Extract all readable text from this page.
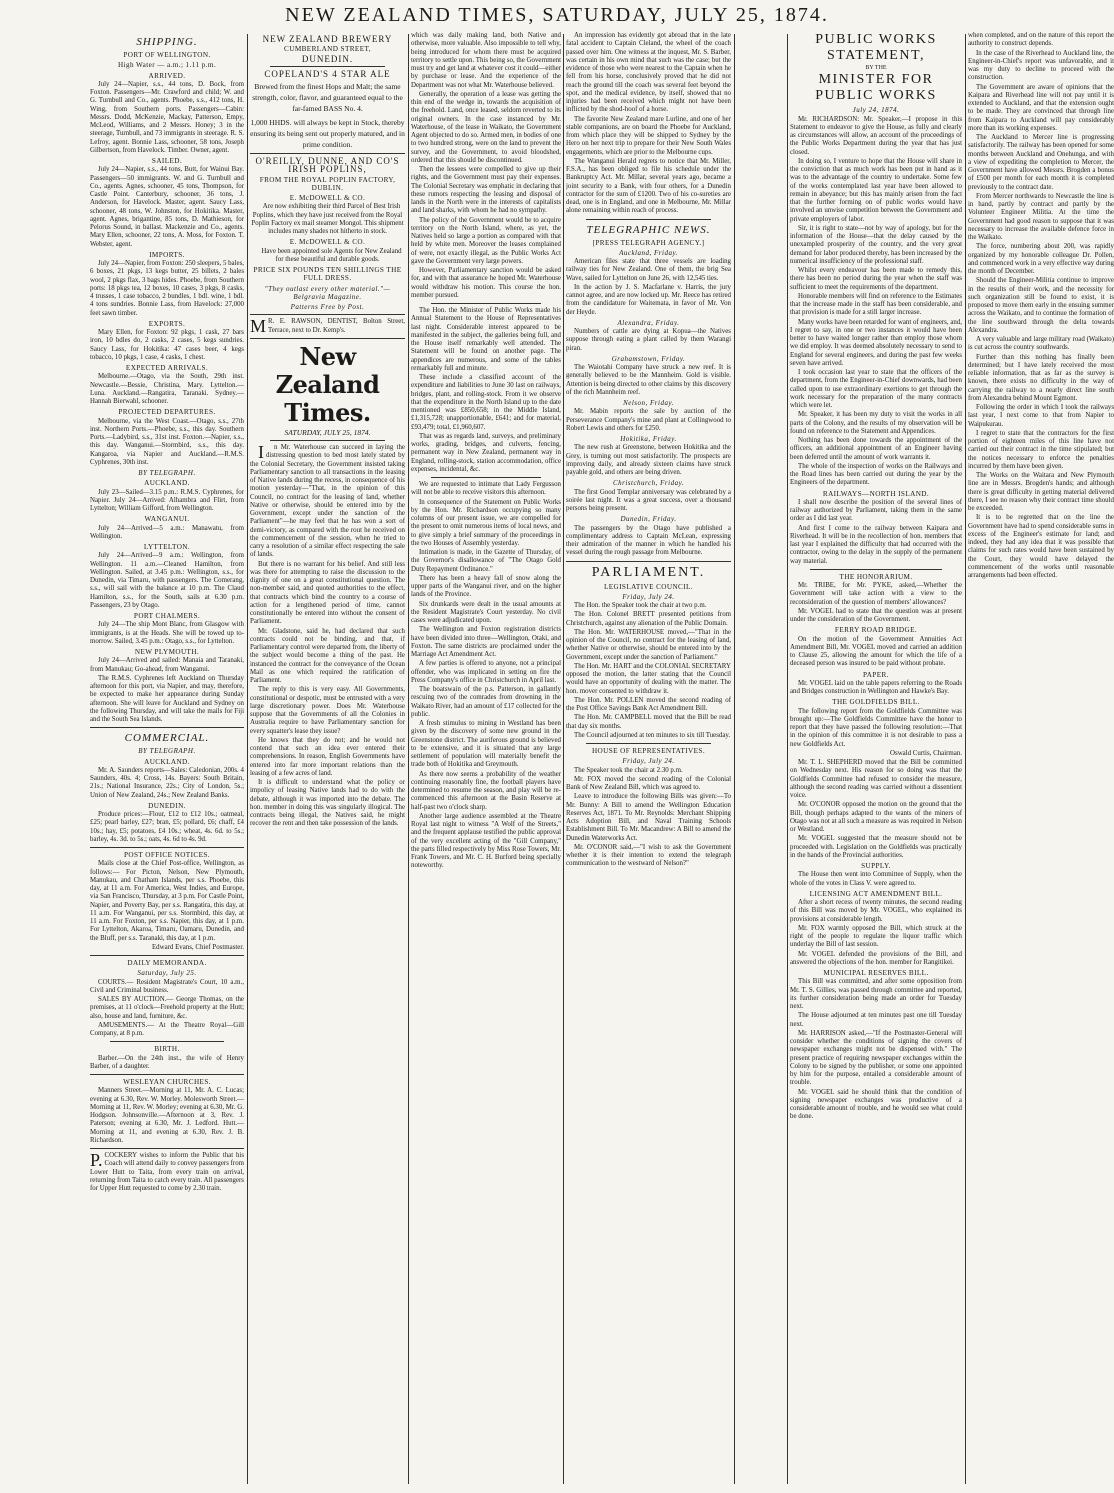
NEW ZEALAND TIMES, SATURDAY, JULY 25, 1874.
SHIPPING.
PORT OF WELLINGTON.
High Water — a.m.; 1.11 p.m.
ARRIVED.

July 24—Napier, s.s., 44 tons, D. Bock, from Foxton. Passengers—Mr. Crawford and child; W. and G. Turnbull and Co., agents. Phoebe, s.s., 412 tons, H. Wing, from Southern ports. Passengers—Cabin: Messrs. Dodd, McKenzie, Mackay, Patterson, Empy, McLeod, Williams, and 2 Messrs. Honey; 3 in the steerage, Turnbull, and 73 immigrants in steerage. R. S. Lefroy, agent. Bonnie Lass, schooner, 58 tons, Joseph Gilbertson, from Havelock. Timber. Owner, agent.

SAILED.

July 24—Napier, s.s., 44 tons, Butt, for Wainui Bay. Passengers—50 immigrants. W. and G. Turnbull and Co., agents. Agnes, schooner, 45 tons, Thompson, for Castle Point. Canterbury, schooner, 36 tons, J. Anderson, for Havelock. Master, agent. Saucy Lass, schooner, 48 tons, W. Johnston, for Hokitika. Master, agent. Agnes, brigantine, 85 tons, D. Mathieson, for Pelorus Sound, in ballast. Mackenzie and Co., agents. Mary Ellen, schooner, 22 tons, A. Moss, for Foxton. T. Webster, agent.

IMPORTS.

July 24—Napier, from Foxton: 250 sleepers, 5 bales, 6 boxes, 21 pkgs, 13 kegs butter, 25 billets, 2 bales wool, 2 pkgs flax, 3 bags hides. Phoebe, from Southern ports: 18 pkgs tea, 12 boxes, 10 cases, 3 pkgs, 8 casks, 4 trusses, 1 case tobacco, 2 bundles, 1 bdl. wine, 1 bdl. 4 tons sundries. Bonnie Lass, from Havelock: 27,000 feet sawn timber.

EXPORTS.

Mary Ellen, for Foxton: 92 pkgs, 1 cask, 27 bars iron, 10 bdles do, 2 casks, 2 cases, 5 kegs sundries. Saucy Lass, for Hokitika: 47 cases beer, 4 kegs tobacco, 10 pkgs, 1 case, 4 casks, 1 chest.

EXPECTED ARRIVALS.

Melbourne.—Otago, via the South, 29th inst. Newcastle.—Bessie, Christina, Mary. Lyttelton.—Luna. Auckland.—Rangatira, Taranaki. Sydney.—Hannah Bierwahl, schooner.

PROJECTED DEPARTURES.

Melbourne, via the West Coast.—Otago, s.s., 27th inst. Northern Ports.—Phoebe, s.s., this day. Southern Ports.—Ladybird, s.s., 31st inst. Foxton.—Napier, s.s., this day. Wanganui.—Stormbird, s.s., this day. Kangaroa, via Napier and Auckland.—R.M.S. Cyphrenes, 30th inst.

BY TELEGRAPH.
AUCKLAND.

July 23—Sailed—3.15 p.m.: R.M.S. Cyphrenes, for Napier. July 24—Arrived: Alhambra and Flirt, from Lyttelton; William Gifford, from Wellington.

WANGANUI.

July 24—Arrived—5 a.m.: Manawatu, from Wellington.

LYTTELTON.

July 24—Arrived—9 a.m.: Wellington, from Wellington. 11 a.m.—Cleaned Hamilton, from Wellington. Sailed, at 3.45 p.m.: Wellington, s.s., for Dunedin, via Timaru, with passengers. The Comerang, s.s., will sail with the balance at 10 p.m. The Claud Hamilton, s.s., for the South, sails at 6.30 p.m. Passengers, 23 by Otago.

PORT CHALMERS.

July 24—The ship Mont Blanc, from Glasgow with immigrants, is at the Heads. She will be towed up to-morrow. Sailed, 3.45 p.m.: Otago, s.s., for Lyttelton.

NEW PLYMOUTH.

July 24—Arrived and sailed: Manaia and Taranaki, from Manukau; Go-ahead, from Wanganui.

The R.M.S. Cyphrenes left Auckland on Thursday afternoon for this port, via Napier, and may, therefore, be expected to make her appearance during Sunday afternoon. She will leave for Auckland and Sydney on the following Thursday, and will take the mails for Fiji and the South Sea Islands.

COMMERCIAL.
BY TELEGRAPH.
AUCKLAND.

Mr. A. Saunders reports—Sales: Caledonian, 200s. 4 Saunders, 40s. 4; Cross, 14s. Bayers: South Britain, 21s.; National Insurance, 22s.; City of London, 5s.; Union of New Zealand, 24s.; New Zealand Banks.

DUNEDIN.

Produce prices:—Flour, £12 to £12 10s.; oatmeal, £25; pearl barley, £27; bran, £5; pollard, £6; chaff, £4 10s.; hay, £5; potatoes, £4 10s.; wheat, 4s. 6d. to 5s.; barley, 4s. 3d. to 5s.; oats, 4s. 6d to 4s. 9d.

POST OFFICE NOTICES.

Mails close at the Chief Post-office, Wellington, as follows:— For Picton, Nelson, New Plymouth, Manukau, and Chatham Islands, per s.s. Phoebe, this day, at 11 a.m. For America, West Indies, and Europe, via San Francisco, Thursday, at 3 p.m. For Castle Point, Napier, and Poverty Bay, per s.s. Rangatira, this day, at 11 a.m. For Wanganui, per s.s. Stormbird, this day, at 11 a.m. For Foxton, per s.s. Napier, this day, at 1 p.m. For Lyttelton, Akaroa, Timaru, Oamaru, Dunedin, and the Bluff, per s.s. Taranaki, this day, at 1 p.m.

Edward Evans, Chief Postmaster.

DAILY MEMORANDA.
Saturday, July 25.

COURTS.— Resident Magistrate's Court, 10 a.m., Civil and Criminal business.

SALES BY AUCTION.— George Thomas, on the premises, at 11 o'clock—Freehold property at the Hutt; also, house and land, furniture, &c.

AMUSEMENTS.— At the Theatre Royal—Gill Company, at 8 p.m.

BIRTH.

Barber.—On the 24th inst., the wife of Henry Barber, of a daughter.

WESLEYAN CHURCHES.

Manners Street.—Morning at 11, Mr. A. C. Lucas; evening at 6.30, Rev. W. Morley. Molesworth Street.—Morning at 11, Rev. W. Morley; evening at 6.30, Mr. G. Hodgson. Johnsonville.—Afternoon at 3, Rev. J. Paterson; evening at 6.30, Mr. J. Ledford. Hutt.—Morning at 11, and evening at 6.30, Rev. J. B. Richardson.

P.COCKERY wishes to inform the Public that his Coach will attend daily to convey passengers from Lower Hutt to Taita, from every train on arrival, returning from Taita to catch every train. All passengers for Upper Hutt requested to come by 2.30 train.

NEW ZEALAND BREWERY
CUMBERLAND STREET,
DUNEDIN.
COPELAND'S 4 STAR ALE

Brewed from the finest Hops and Malt; the same strength, color, flavor, and guaranteed equal to the far-famed BASS No. 4.

1,000 HHDS. will always be kept in Stock, thereby ensuring its being sent out properly matured, and in prime condition.

O'REILLY, DUNNE, AND CO'S IRISH POPLINS,
FROM THE ROYAL POPLIN FACTORY, DUBLIN.
E. McDOWELL & CO.

Are now exhibiting their third Parcel of Best Irish Poplins, which they have just received from the Royal Poplin Factory ex mail steamer Mongol. This shipment includes many shades not hitherto in stock.

E. McDOWELL & CO.

Have been appointed sole Agents for New Zealand for these beautiful and durable goods.

PRICE SIX POUNDS TEN SHILLINGS THE FULL DRESS.
"They outlast every other material."—Belgravia Magazine.
Patterns Free by Post.

MR. E. RAWSON, DENTIST, Bolton Street, Terrace, next to Dr. Kemp's.

New Zealand Times.
SATURDAY, JULY 25, 1874.

In Mr. Waterhouse can succeed in laying the distressing question to bed most lately stated by the Colonial Secretary, the Government insisted taking Parliamentary sanction to all transactions in the leasing of Native lands during the recess, in consequence of his motion yesterday—"That, in the opinion of this Council, no contract for the leasing of land, whether Native or otherwise, should be entered into by the Government, except under the sanction of the Parliament"—he may feel that he has won a sort of demi-victory, as compared with the rout he received on the commencement of the session, when he tried to carry a resolution of a similar effect respecting the sale of lands.

But there is no warrant for his belief. And still less was there for attempting to raise the discussion to the dignity of one on a great constitutional question. The non-member said, and quoted authorities to the effect, that contracts which bind the country to a course of action for a lengthened period of time, cannot constitutionally be entered into without the consent of Parliament.

Mr. Gladstone, said he, had declared that such contracts could not be binding, and that, if Parliamentary control were departed from, the liberty of the subject would become a thing of the past. He instanced the contract for the conveyance of the Ocean Mail as one which required the ratification of Parliament.

The reply to this is very easy. All Governments, constitutional or despotic, must be entrusted with a very large discretionary power. Does Mr. Waterhouse suppose that the Governments of all the Colonies in Australia require to have Parliamentary sanction for every squatter's lease they issue?

He knows that they do not; and he would not contend that such an idea ever entered their comprehensions. In reason, English Governments have entered into far more important relations than the leasing of a few acres of land.

It is difficult to understand what the policy or impolicy of leasing Native lands had to do with the debate, although it was imported into the debate. The hon. member in doing this was singularly illogical. The contracts being illegal, the Natives said, he might recover the rent and then take possession of the lands.

which was daily making land, both Native and otherwise, more valuable. Also impossible to tell why, being introduced for whom there must be acquired territory to settle upon. This being so, the Government must try and get land at whatever cost it could—either by purchase or lease. And the experience of the Department was not what Mr. Waterhouse believed.

Generally, the operation of a lease was getting the thin end of the wedge in, towards the acquisition of the freehold. Land, once leased, seldom reverted to its original owners. In the case instanced by Mr. Waterhouse, of the lease in Waikato, the Government Agent objected to do so. Armed men, in bodies of one to two hundred strong, were on the land to prevent the survey, and the Government, to avoid bloodshed, ordered that this should be discontinued.

Then the lessees were compelled to give up their rights, and the Government must pay their expenses. The Colonial Secretary was emphatic in declaring that these rumors respecting the leasing and disposal of lands in the North were in the interests of capitalists and land sharks, with whom he had no sympathy.

The policy of the Government would be to acquire territory on the North Island, where, as yet, the Natives held so large a portion as compared with that held by white men. Moreover the leases complained of were, not exactly illegal, as the Public Works Act gave the Government very large powers.

However, Parliamentary sanction would be asked for, and with that assurance he hoped Mr. Waterhouse would withdraw his motion. This course the hon. member pursued.

The Hon. the Minister of Public Works made his Annual Statement to the House of Representatives last night. Considerable interest appeared to be manifested in the subject, the galleries being full, and the House itself remarkably well attended. The Statement will be found on another page. The appendices are numerous, and some of the tables remarkably full and minute.

These include a classified account of the expenditure and liabilities to June 30 last on railways, bridges, plant, and rolling-stock. From it we observe that the expenditure in the North Island up to the date mentioned was £850,658; in the Middle Island, £1,315,728; unapportionable, £641; and for material, £93,479; total, £1,960,607.

That was as regards land, surveys, and preliminary works, grading, bridges, and culverts, fencing, permanent way in New Zealand, permanent way in England, rolling-stock, station accommodation, office expenses, incidental, &c.

We are requested to intimate that Lady Fergusson will not be able to receive visitors this afternoon.

In consequence of the Statement on Public Works by the Hon. Mr. Richardson occupying so many columns of our present issue, we are compelled for the present to omit numerous items of local news, and to give simply a brief summary of the proceedings in the two Houses of Assembly yesterday.

Intimation is made, in the Gazette of Thursday, of the Governor's disallowance of "The Otago Gold Duty Repayment Ordinance."

There has been a heavy fall of snow along the upper parts of the Wanganui river, and on the higher lands of the Province.

Six drunkards were dealt in the usual amounts at the Resident Magistrate's Court yesterday. No civil cases were adjudicated upon.

The Wellington and Foxton registration districts have been divided into three—Wellington, Otaki, and Foxton. The same districts are proclaimed under the Marriage Act Amendment Act.

A few parties is offered to anyone, not a principal offender, who was implicated in setting on fire the Press Company's office in Christchurch in April last.

The boatswain of the p.s. Patterson, in gallantly rescuing two of the comrades from drowning in the Waikato River, had an amount of £17 collected for the public.

A fresh stimulus to mining in Westland has been given by the discovery of some new ground in the Greenstone district. The auriferous ground is believed to be extensive, and it is situated that any large settlement of population will materially benefit the trade both of Hokitika and Greymouth.

As there now seems a probability of the weather continuing reasonably fine, the football players have determined to resume the season, and play will be re-commenced this afternoon at the Basin Reserve at half-past two o'clock sharp.

Another large audience assembled at the Theatre Royal last night to witness "A Wolf of the Streets," and the frequent applause testified the public approval of the very excellent acting of the "Gill Company," the parts filled respectively by Miss Rose Towers, Mr. Frank Towers, and Mr. C. H. Burford being specially noteworthy.

An impression has evidently got abroad that in the late fatal accident to Captain Cleland, the wheel of the coach passed over him. One witness at the inquest, Mr. S. Barber, was certain in his own mind that such was the case; but the evidence of those who were nearest to the Captain when he fell from his horse, conclusively proved that he did not reach the ground till the coach was several feet beyond the spot, and the medical evidence, by itself, showed that no injuries had been received which might not have been inflicted by the shod-hoof of a horse.

The favorite New Zealand mare Lurline, and one of her stable companions, are on board the Phoebe for Auckland, from which place they will be shipped to Sydney by the Hero on her next trip to prepare for their New South Wales engagements, which are prior to the Melbourne cups.

The Wanganui Herald regrets to notice that Mr. Miller, F.S.A., has been obliged to file his schedule under the Bankruptcy Act. Mr. Millar, several years ago, became a joint security to a Bank, with four others, for a Dunedin contractor for the sum of £1200. Two of his co-sureties are dead, one is in England, and one in Melbourne, Mr. Millar alone remaining within reach of process.

TELEGRAPHIC NEWS.
[PRESS TELEGRAPH AGENCY.]
Auckland, Friday.

American files state that three vessels are loading railway ties for New Zealand. One of them, the brig Sea Wave, sailed for Lyttelton on June 26, with 12,545 ties.

In the action by J. S. Macfarlane v. Harris, the jury cannot agree, and are now locked up. Mr. Reece has retired from the candidature for Waitemata, in favor of Mr. Von der Heyde.

Alexandra, Friday.

Numbers of cattle are dying at Kopua—the Natives suppose through eating a plant called by them Warangi piran.

Grahamstown, Friday.

The Waiotahi Company have struck a new reef. It is generally believed to be the Mannheim. Gold is visible. Attention is being directed to other claims by this discovery of the rich Mannheim reef.

Nelson, Friday.

Mr. Mabin reports the sale by auction of the Perseverance Company's mine and plant at Collingwood to Robert Lewis and others for £250.

Hokitika, Friday.

The new rush at Greenstone, between Hokitika and the Grey, is turning out most satisfactorily. The prospects are improving daily, and already sixteen claims have struck payable gold, and others are being driven.

Christchurch, Friday.

The first Good Templar anniversary was celebrated by a soirée last night. It was a great success, over a thousand persons being present.

Dunedin, Friday.

The passengers by the Otago have published a complimentary address to Captain McLean, expressing their admiration of the manner in which he handled his vessel during the rough passage from Melbourne.

PARLIAMENT.
LEGISLATIVE COUNCIL.
Friday, July 24.

The Hon. the Speaker took the chair at two p.m.

The Hon. Colonel BRETT presented petitions from Christchurch, against any alienation of the Public Domain.

The Hon. Mr. WATERHOUSE moved,—"That in the opinion of the Council, no contract for the leasing of land, whether Native or otherwise, should be entered into by the Government, except under the sanction of Parliament."

The Hon. Mr. HART and the COLONIAL SECRETARY opposed the motion, the latter stating that the Council would have an opportunity of dealing with the matter. The hon. mover consented to withdraw it.

The Hon. Mr. POLLEN moved the second reading of the Post Office Savings Bank Act Amendment Bill.

The Hon. Mr. CAMPBELL moved that the Bill be read that day six months.

The Council adjourned at ten minutes to six till Tuesday.

HOUSE OF REPRESENTATIVES.
Friday, July 24.

The Speaker took the chair at 2.30 p.m.

Mr. FOX moved the second reading of the Colonial Bank of New Zealand Bill, which was agreed to.

Leave to introduce the following Bills was given:—To Mr. Bunny: A Bill to amend the Wellington Education Reserves Act, 1871. To Mr. Reynolds: Merchant Shipping Acts Adoption Bill, and Naval Training Schools Establishment Bill. To Mr. Macandrew: A Bill to amend the Dunedin Waterworks Act.

Mr. O'CONOR said,—"I wish to ask the Government whether it is their intention to extend the telegraph communication to the westward of Nelson?"

PUBLIC WORKS STATEMENT,
BY THE
MINISTER FOR PUBLIC WORKS
July 24, 1874.

Mr. RICHARDSON: Mr. Speaker,—I propose in this Statement to endeavor to give the House, as fully and clearly as circumstances will allow, an account of the proceedings of the Public Works Department during the year that has just closed.

In doing so, I venture to hope that the House will share in the conviction that as much work has been put in hand as it was to the advantage of the country to undertake. Some few of the works contemplated last year have been allowed to remain in abeyance; but this has mainly arisen from the fact that the further forming on of public works would have involved an unwise competition between the Government and private employers of labor.

Sir, it is right to state—not by way of apology, but for the information of the House—that the delay caused by the unexampled prosperity of the country, and the very great demand for labor produced thereby, has been increased by the numerical insufficiency of the professional staff.

Whilst every endeavour has been made to remedy this, there has been no period during the year when the staff was sufficient to meet the requirements of the department.

Honorable members will find on reference to the Estimates that the increase made in the staff has been considerable, and that provision is made for a still larger increase.

Many works have been retarded for want of engineers, and, I regret to say, in one or two instances it would have been better to have waited longer rather than employ those whom we did employ. It was deemed absolutely necessary to send to England for several engineers, and during the past few weeks seven have arrived.

I took occasion last year to state that the officers of the department, from the Engineer-in-Chief downwards, had been called upon to use extraordinary exertions to get through the work necessary for the preparation of the many contracts which were let.

Mr. Speaker, it has been my duty to visit the works in all parts of the Colony, and the results of my observation will be found on reference to the Statement and Appendices.

Nothing has been done towards the appointment of the officers, an additional appointment of an Engineer having been deferred until the amount of work warrants it.

The whole of the inspection of works on the Railways and the Road lines has been carried out during the year by the Engineers of the department.

RAILWAYS—NORTH ISLAND.

I shall now describe the position of the several lines of railway authorized by Parliament, taking them in the same order as I did last year.

And first I come to the railway between Kaipara and Riverhead. It will be in the recollection of hon. members that last year I explained the difficulty that had occurred with the contractor, owing to the delay in the supply of the permanent way material.

THE HONORARIUM.

Mr. TRIBE, for Mr. PYKE, asked,—Whether the Government will take action with a view to the reconsideration of the question of members' allowances?

Mr. VOGEL had to state that the question was at present under the consideration of the Government.

FERRY ROAD BRIDGE.

On the motion of the Government Annuities Act Amendment Bill, Mr. VOGEL moved and carried an addition to Clause 25, allowing the amount for which the life of a deceased person was insured to be paid without probate.

PAPER.

Mr. VOGEL laid on the table papers referring to the Roads and Bridges construction in Wellington and Hawke's Bay.

THE GOLDFIELDS BILL.

The following report from the Goldfields Committee was brought up:—The Goldfields Committee have the honor to report that they have passed the following resolution:—That in the opinion of this committee it is not desirable to pass a new Goldfields Act.

Oswald Curtis, Chairman.

Mr. T. L. SHEPHERD moved that the Bill be committed on Wednesday next. His reason for so doing was that the Goldfields Committee had refused to consider the measure, although the second reading was carried without a dissentient voice.

Mr. O'CONOR opposed the motion on the ground that the Bill, though perhaps adapted to the wants of the miners of Otago was not at all such a measure as was required in Nelson or Westland.

Mr. VOGEL suggested that the measure should not be proceeded with. Legislation on the Goldfields was practically in the hands of the Provincial authorities.

SUPPLY.

The House then went into Committee of Supply, when the whole of the votes in Class V. were agreed to.

LICENSING ACT AMENDMENT BILL.

After a short recess of twenty minutes, the second reading of this Bill was moved by Mr. VOGEL, who explained its provisions at considerable length.

Mr. FOX warmly opposed the Bill, which struck at the right of the people to regulate the liquor traffic which underlay the Bill of last session.

Mr. VOGEL defended the provisions of the Bill, and answered the objections of the hon. member for Rangitikei.

MUNICIPAL RESERVES BILL.

This Bill was committed, and after some opposition from Mr. T. S. Gillies, was passed through committee and reported, its further consideration being made an order for Tuesday next.

The House adjourned at ten minutes past one till Tuesday next.

Mr. HARRISON asked,—"If the Postmaster-General will consider whether the conditions of signing the covers of newspaper exchanges might not be dispensed with." The present practice of requiring newspaper exchanges within the Colony to be signed by the publisher, or some one appointed by him for the purpose, entailed a considerable amount of trouble.

Mr. VOGEL said he should think that the condition of signing newspaper exchanges was productive of a considerable amount of trouble, and he would see what could be done.

when completed, and on the nature of this report the authority to construct depends.

In the case of the Riverhead to Auckland line, the Engineer-in-Chief's report was unfavorable, and it was my duty to decline to proceed with the construction.

The Government are aware of opinions that the Kaipara and Riverhead line will not pay until it is extended to Auckland, and that the extension ought to be made. They are convinced that through line from Kaipara to Auckland will pay considerably more than its working expenses.

The Auckland to Mercer line is progressing satisfactorily. The railway has been opened for some months between Auckland and Onehunga, and with a view of expediting the completion to Mercer, the Government have allowed Messrs. Brogden a bonus of £500 per month for each month it is completed previously to the contract date.

From Mercer northwards to Newcastle the line is in hand, partly by contract and partly by the Volunteer Engineer Militia. At the time the Government had good reason to suppose that it was necessary to increase the available defence force in the Waikato.

The force, numbering about 200, was rapidly organized by my honorable colleague Dr. Pollen, and commenced work in a very effective way during the month of December.

Should the Engineer-Militia continue to improve in the results of their work, and the necessity for such organization still be found to exist, it is proposed to move them early in the ensuing summer across the Waikato, and to continue the formation of the line southward through the delta towards Alexandra.

A very valuable and large military road (Waikato) is cut across the country southwards.

Further than this nothing has finally been determined; but I have lately received the most reliable information, that as far as the survey is known, there exists no difficulty in the way of carrying the railway to a nearly direct line south from Alexandra behind Mount Egmont.

Following the order in which I took the railways last year, I next come to that from Napier to Waipukurau.

I regret to state that the contractors for the first portion of eighteen miles of this line have not carried out their contract in the time stipulated; but the notices necessary to enforce the penalties incurred by them have been given.

The Works on the Waitara and New Plymouth line are in Messrs. Brogden's hands; and although there is great difficulty in getting material delivered there, I see no reason why their contract time should be exceeded.

It is to be regretted that on the line the Government have had to spend considerable sums in excess of the Engineer's estimate for land; and indeed, they had any idea that it was possible that claims for such rates would have been sustained by the Court, they would have delayed the commencement of the works until reasonable arrangements had been effected.
